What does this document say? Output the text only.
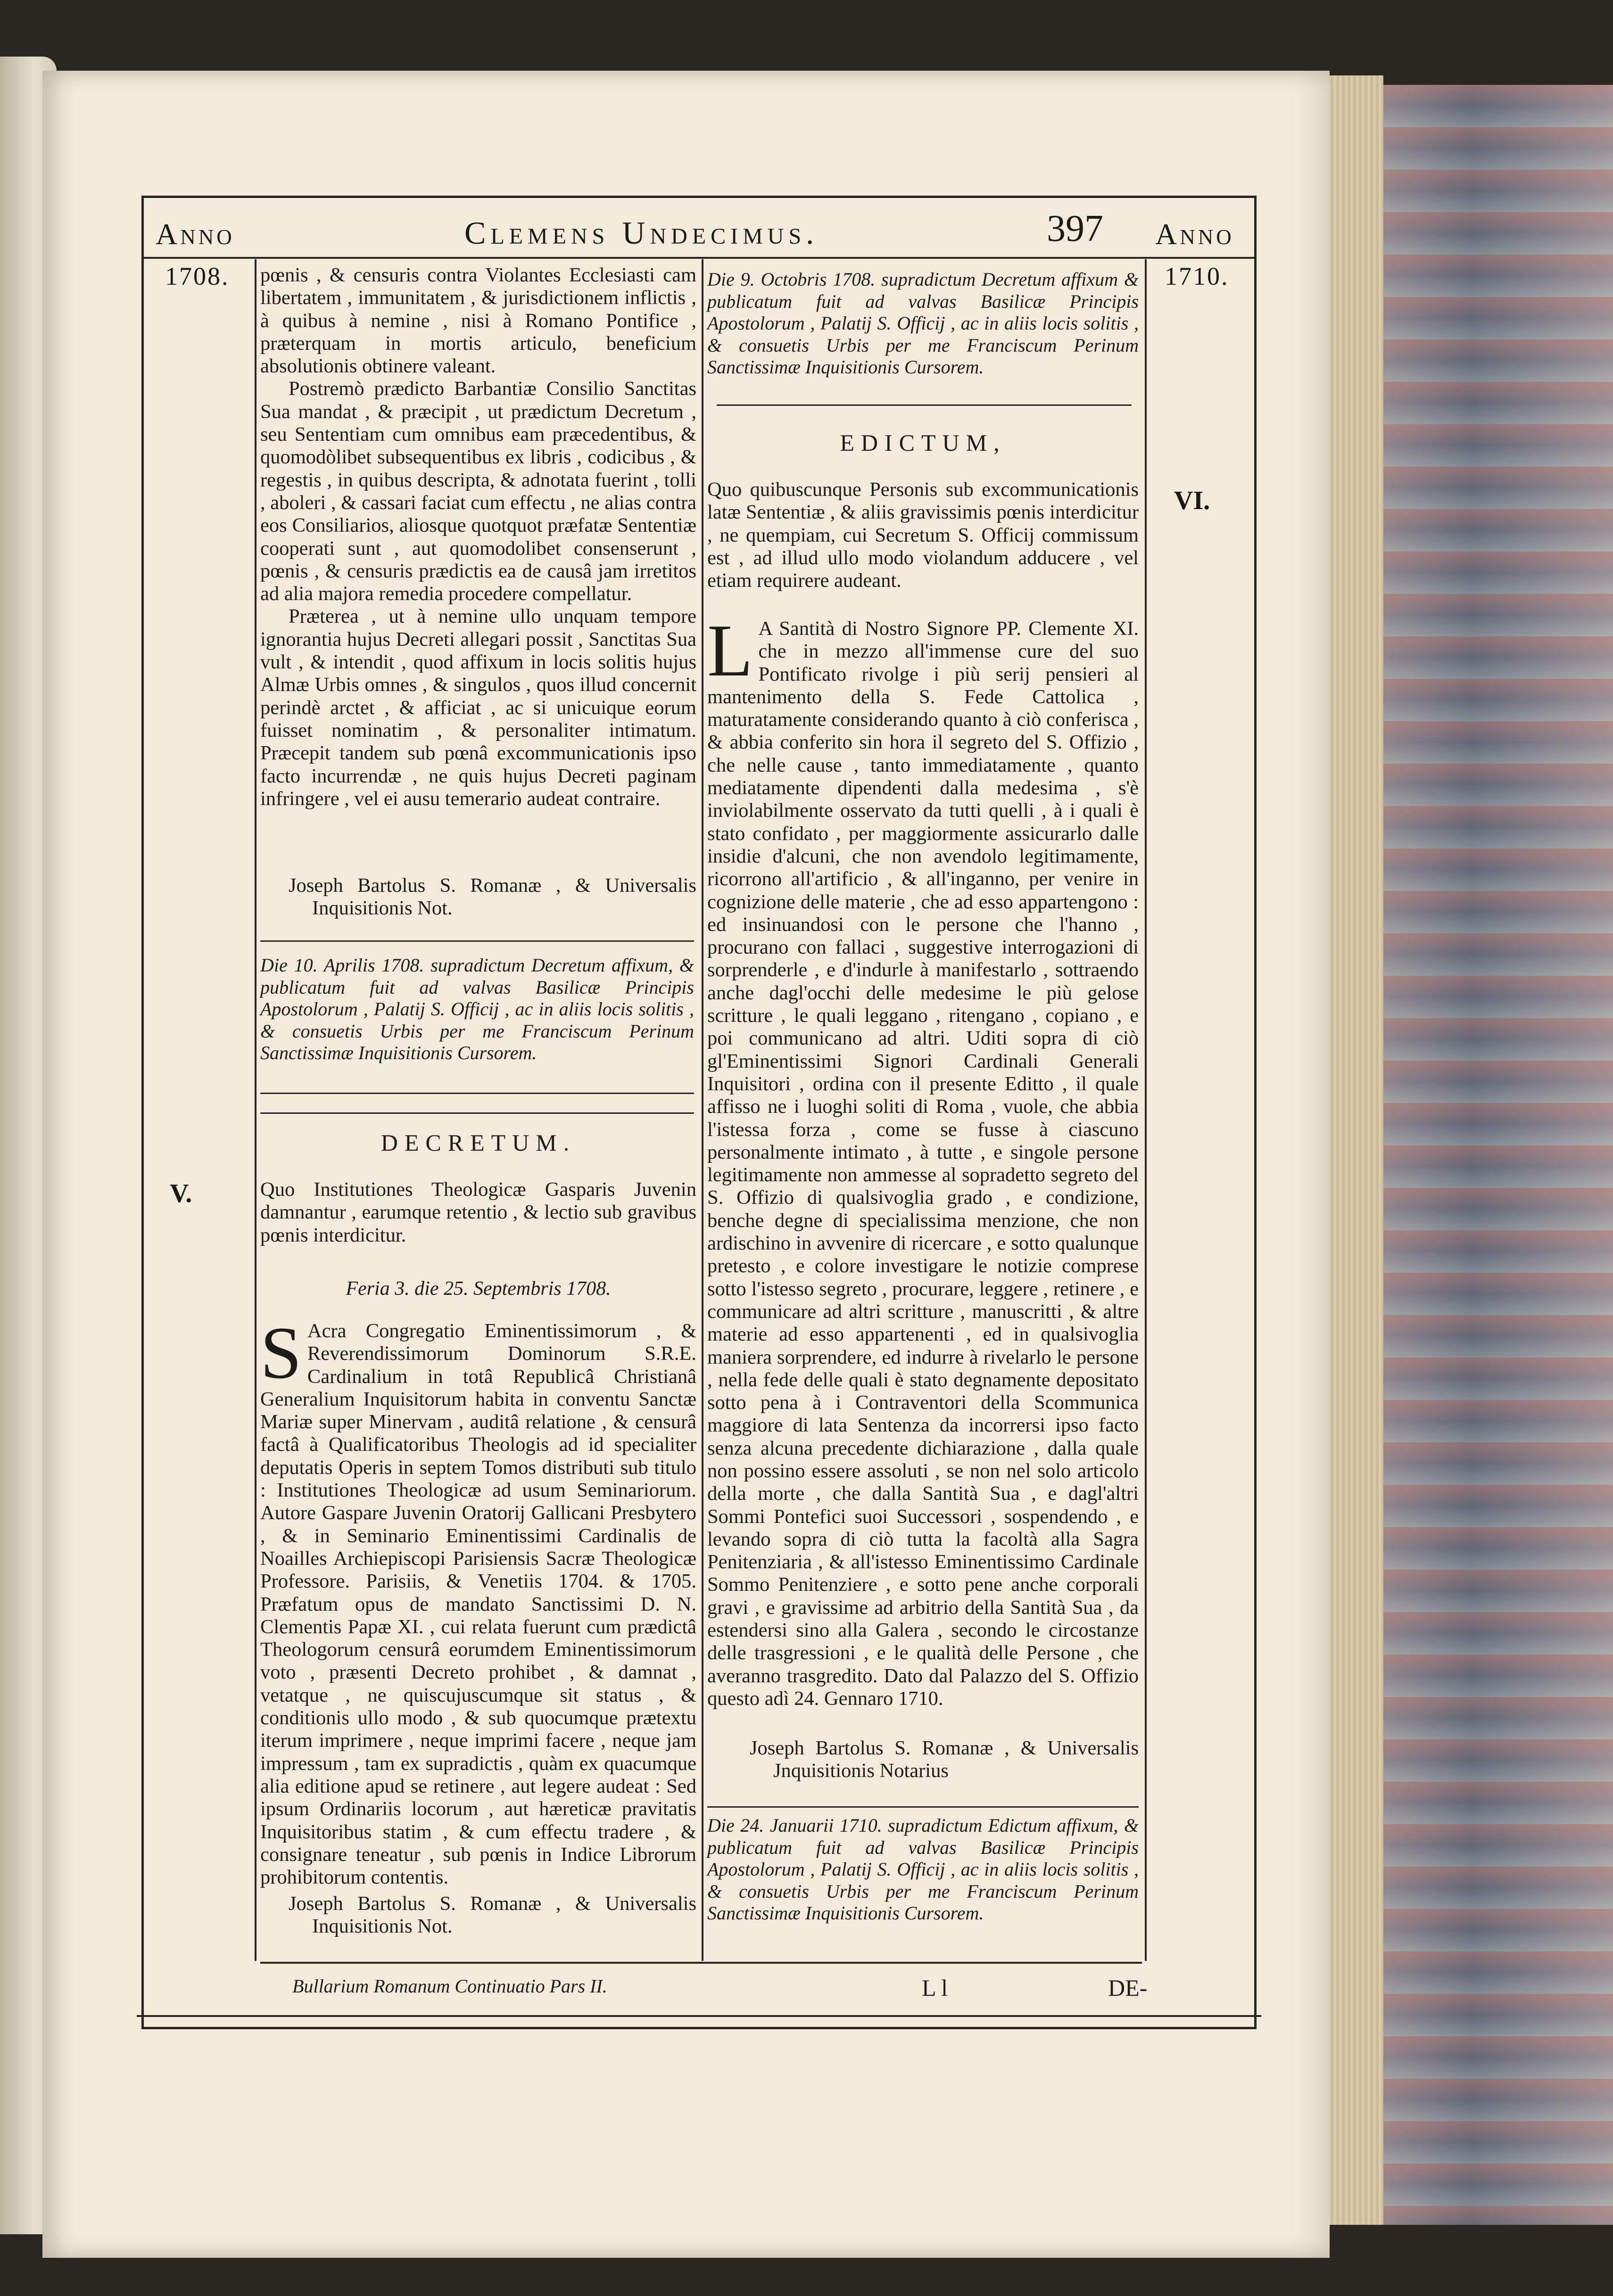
Anno	Clemens Undecimus.	397 Anno
1708.	1710.
V.
VI.

pœnis , & censuris contra Violantes Ecclesiasti cam libertatem , immunitatem , & jurisdictionem inflictis , à quibus à nemine , nisi à Romano Pontifice , præterquam in mortis articulo, beneficium absolutionis obtinere valeant.

Postremò prædicto Barbantiæ Consilio Sanctitas Sua mandat , & præcipit , ut prædictum Decretum , seu Sententiam cum omnibus eam præcedentibus, & quomodòlibet subsequentibus ex libris , codicibus , & regestis , in quibus descripta, & adnotata fuerint , tolli , aboleri , & cassari faciat cum effectu , ne alias contra eos Consiliarios, aliosque quotquot præfatæ Sententiæ cooperati sunt , aut quomodolibet consenserunt , pœnis , & censuris prædictis ea de causâ jam irretitos ad alia majora remedia procedere compellatur.

Præterea , ut à nemine ullo unquam tempore ignorantia hujus Decreti allegari possit , Sanctitas Sua vult , & intendit , quod affixum in locis solitis hujus Almæ Urbis omnes , & singulos , quos illud concernit perindè arctet , & afficiat , ac si unicuique eorum fuisset nominatim , & personaliter intimatum. Præcepit tandem sub pœnâ excommunicationis ipso facto incurrendæ , ne quis hujus Decreti paginam infringere , vel ei ausu temerario audeat contraire.

Joseph Bartolus S. Romanæ , & Universalis Inquisitionis Not.

Die 10. Aprilis 1708. supradictum Decretum affixum, & publicatum fuit ad valvas Basilicæ Principis Apostolorum , Palatij S. Officij , ac in aliis locis solitis , & consuetis Urbis per me Franciscum Perinum Sanctissimæ Inquisitionis Cursorem.
DECRETUM.

Quo Institutiones Theologicæ Gasparis Juvenin damnantur , earumque retentio , & lectio sub gravibus pœnis interdicitur.

Feria 3. die 25. Septembris 1708.
S Acra Congregatio Eminentissimorum , & Reverendissimorum Dominorum S.R.E. Cardinalium in totâ Republicâ Christianâ Generalium Inquisitorum habita in conventu Sanctæ Mariæ super Minervam , auditâ relatione , & censurâ factâ à Qualificatoribus Theologis ad id specialiter deputatis Operis in septem Tomos distributi sub titulo : Institutiones Theologicæ ad usum Seminariorum. Autore Gaspare Juvenin Oratorij Gallicani Presbytero , & in Seminario Eminentissimi Cardinalis de Noailles Archiepiscopi Parisiensis Sacræ Theologicæ Professore. Parisiis, & Venetiis 1704. & 1705. Præfatum opus de mandato Sanctissimi D. N. Clementis Papæ XI. , cui relata fuerunt cum prædictâ Theologorum censurâ eorumdem Eminentissimorum voto , præsenti Decreto prohibet , & damnat , vetatque , ne quiscujuscumque sit status , & conditionis ullo modo , & sub quocumque prætextu iterum imprimere , neque imprimi facere , neque jam impressum , tam ex supradictis , quàm ex quacumque alia editione apud se retinere , aut legere audeat : Sed ipsum Ordinariis locorum , aut hæreticæ pravitatis Inquisitoribus statim , & cum effectu tradere , & consignare teneatur , sub pœnis in Indice Librorum prohibitorum contentis.

Joseph Bartolus S. Romanæ , & Universalis Inquisitionis Not.

Die 9. Octobris 1708. supradictum Decretum affixum & publicatum fuit ad valvas Basilicæ Principis Apostolorum , Palatij S. Officij , ac in aliis locis solitis , & consuetis Urbis per me Franciscum Perinum Sanctissimæ Inquisitionis Cursorem.
EDICTUM,

Quo quibuscunque Personis sub excommunicationis latæ Sententiæ , & aliis gravissimis pœnis interdicitur , ne quempiam, cui Secretum S. Officij commissum est , ad illud ullo modo violandum adducere , vel etiam requirere audeant.

L A Santità di Nostro Signore PP. Clemente XI. che in mezzo all'immense cure del suo Pontificato rivolge i più serij pensieri al mantenimento della S. Fede Cattolica , maturatamente considerando quanto à ciò conferisca , & abbia conferito sin hora il segreto del S. Offizio , che nelle cause , tanto immediatamente , quanto mediatamente dipendenti dalla medesima , s'è inviolabilmente osservato da tutti quelli , à i quali è stato confidato , per maggiormente assicurarlo dalle insidie d'alcuni, che non avendolo legitimamente, ricorrono all'artificio , & all'inganno, per venire in cognizione delle materie , che ad esso appartengono : ed insinuandosi con le persone che l'hanno , procurano con fallaci , suggestive interrogazioni di sorprenderle , e d'indurle à manifestarlo , sottraendo anche dagl'occhi delle medesime le più gelose scritture , le quali leggano , ritengano , copiano , e poi communicano ad altri. Uditi sopra di ciò gl'Eminentissimi Signori Cardinali Generali Inquisitori , ordina con il presente Editto , il quale affisso ne i luoghi soliti di Roma , vuole, che abbia l'istessa forza , come se fusse à ciascuno personalmente intimato , à tutte , e singole persone legitimamente non ammesse al sopradetto segreto del S. Offizio di qualsivoglia grado , e condizione, benche degne di specialissima menzione, che non ardischino in avvenire di ricercare , e sotto qualunque pretesto , e colore investigare le notizie comprese sotto l'istesso segreto , procurare, leggere , retinere , e communicare ad altri scritture , manuscritti , & altre materie ad esso appartenenti , ed in qualsivoglia maniera sorprendere, ed indurre à rivelarlo le persone , nella fede delle quali è stato degnamente depositato sotto pena à i Contraventori della Scommunica maggiore di lata Sentenza da incorrersi ipso facto senza alcuna precedente dichiarazione , dalla quale non possino essere assoluti , se non nel solo articolo della morte , che dalla Santità Sua , e dagl'altri Sommi Pontefici suoi Successori , sospendendo , e levando sopra di ciò tutta la facoltà alla Sagra Penitenziaria , & all'istesso Eminentissimo Cardinale Sommo Penitenziere , e sotto pene anche corporali gravi , e gravissime ad arbitrio della Santità Sua , da estendersi sino alla Galera , secondo le circostanze delle trasgressioni , e le qualità delle Persone , che averanno trasgredito. Dato dal Palazzo del S. Offizio questo adì 24. Gennaro 1710.

Joseph Bartolus S. Romanæ , & Universalis Jnquisitionis Notarius

Die 24. Januarii 1710. supradictum Edictum affixum, & publicatum fuit ad valvas Basilicæ Principis Apostolorum , Palatij S. Officij , ac in aliis locis solitis , & consuetis Urbis per me Franciscum Perinum Sanctissimæ Inquisitionis Cursorem.
Bullarium Romanum Continuatio Pars II.	L l	DE-
